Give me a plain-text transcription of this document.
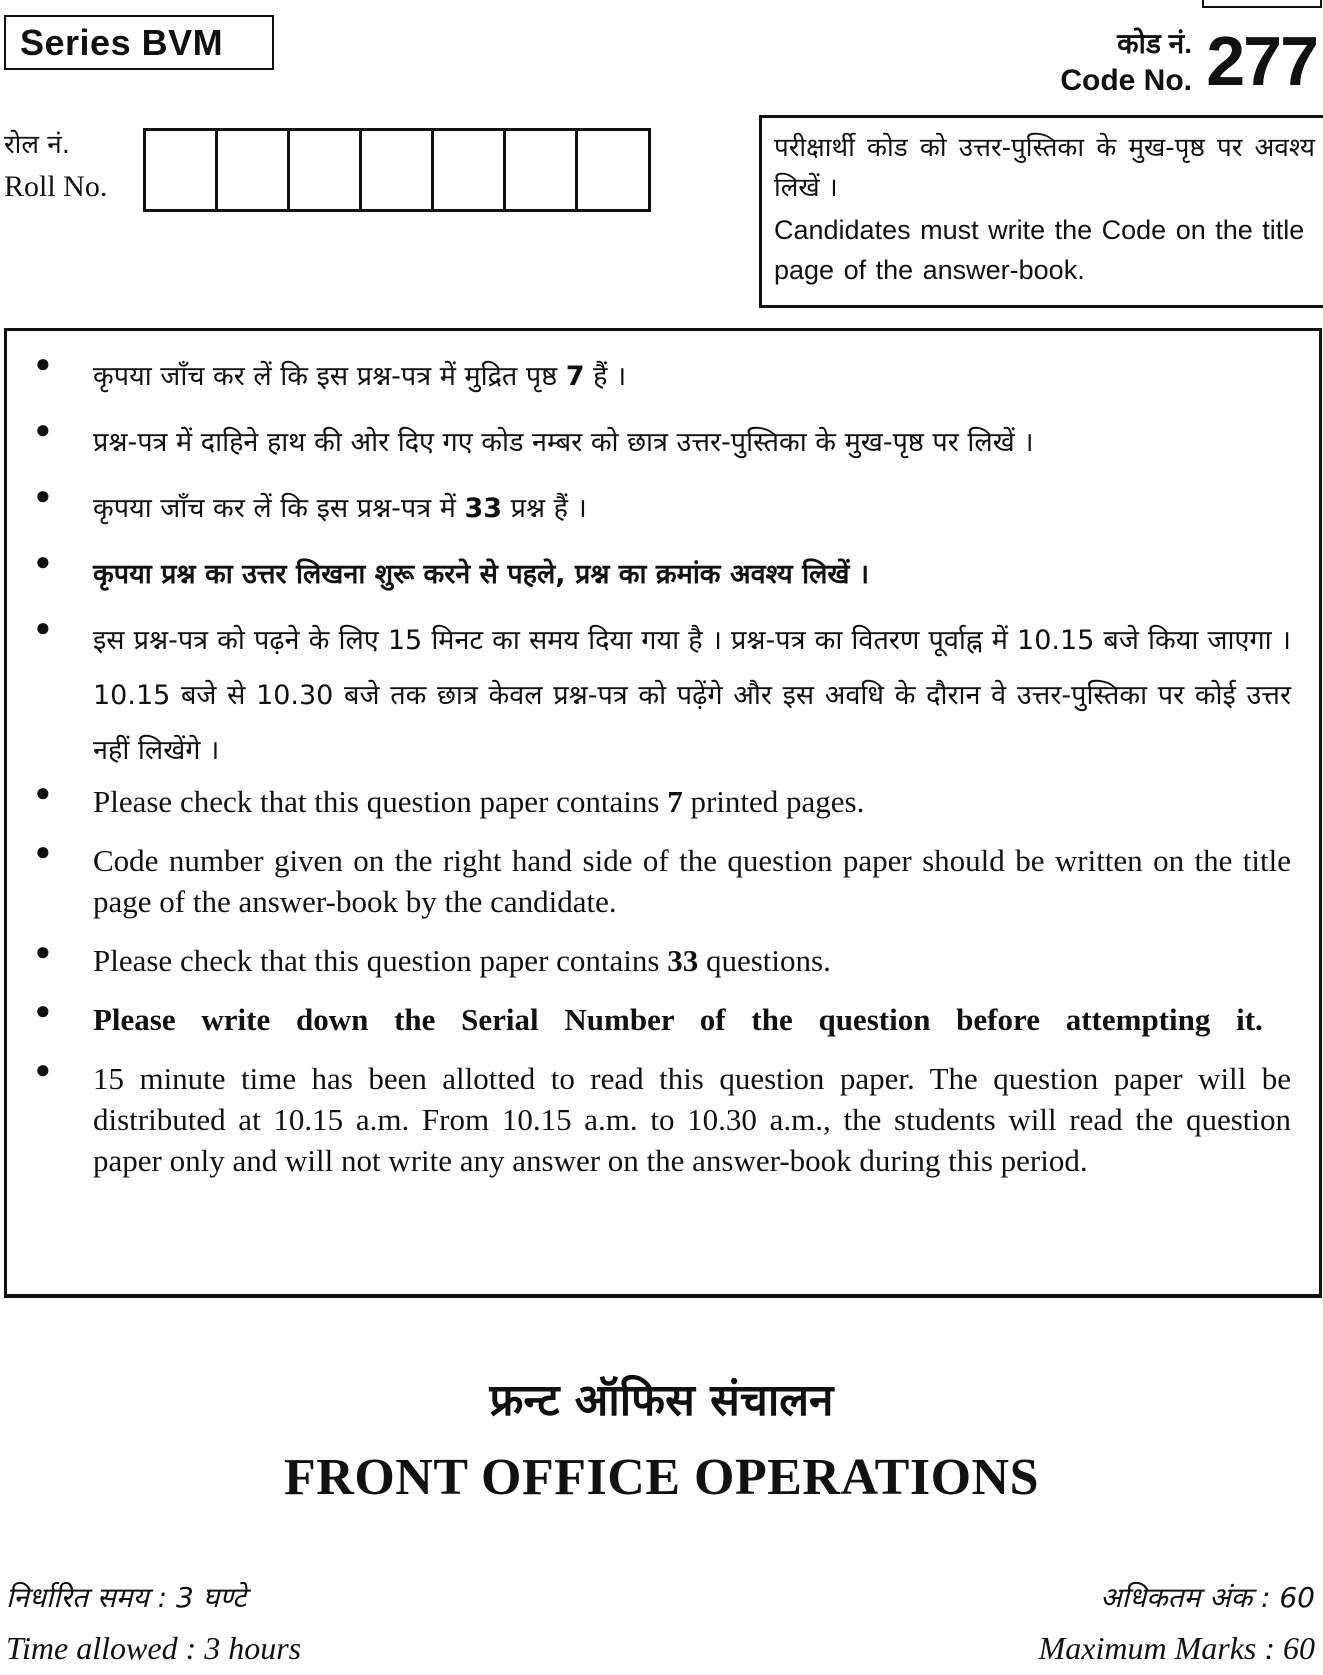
Series BVM	कोड नं.
Code No. 277
रोल नं.
Roll No.
परीक्षार्थी कोड को उत्तर-पुस्तिका के मुख-पृष्ठ पर अवश्य लिखें ।
Candidates must write the Code on the title page of the answer-book.
●	कृपया जाँच कर लें कि इस प्रश्न-पत्र में मुद्रित पृष्ठ 7 हैं ।
●	प्रश्न-पत्र में दाहिने हाथ की ओर दिए गए कोड नम्बर को छात्र उत्तर-पुस्तिका के मुख-पृष्ठ पर लिखें ।
●	कृपया जाँच कर लें कि इस प्रश्न-पत्र में 33 प्रश्न हैं ।
●	कृपया प्रश्न का उत्तर लिखना शुरू करने से पहले, प्रश्न का क्रमांक अवश्य लिखें ।
●	इस प्रश्न-पत्र को पढ़ने के लिए 15 मिनट का समय दिया गया है । प्रश्न-पत्र का वितरण पूर्वाह्न में 10.15 बजे किया जाएगा । 10.15 बजे से 10.30 बजे तक छात्र केवल प्रश्न-पत्र को पढ़ेंगे और इस अवधि के दौरान वे उत्तर-पुस्तिका पर कोई उत्तर नहीं लिखेंगे ।
●	Please check that this question paper contains 7 printed pages.
●	Code number given on the right hand side of the question paper should be written on the title page of the answer-book by the candidate.
●	Please check that this question paper contains 33 questions.
●	Please write down the Serial Number of the question before attempting it.
●	15 minute time has been allotted to read this question paper. The question paper will be distributed at 10.15 a.m. From 10.15 a.m. to 10.30 a.m., the students will read the question paper only and will not write any answer on the answer-book during this period.
फ्रन्ट ऑफिस संचालन
FRONT OFFICE OPERATIONS
निर्धारित समय : 3 घण्टे
Time allowed : 3 hours
अधिकतम अंक : 60
Maximum Marks : 60
